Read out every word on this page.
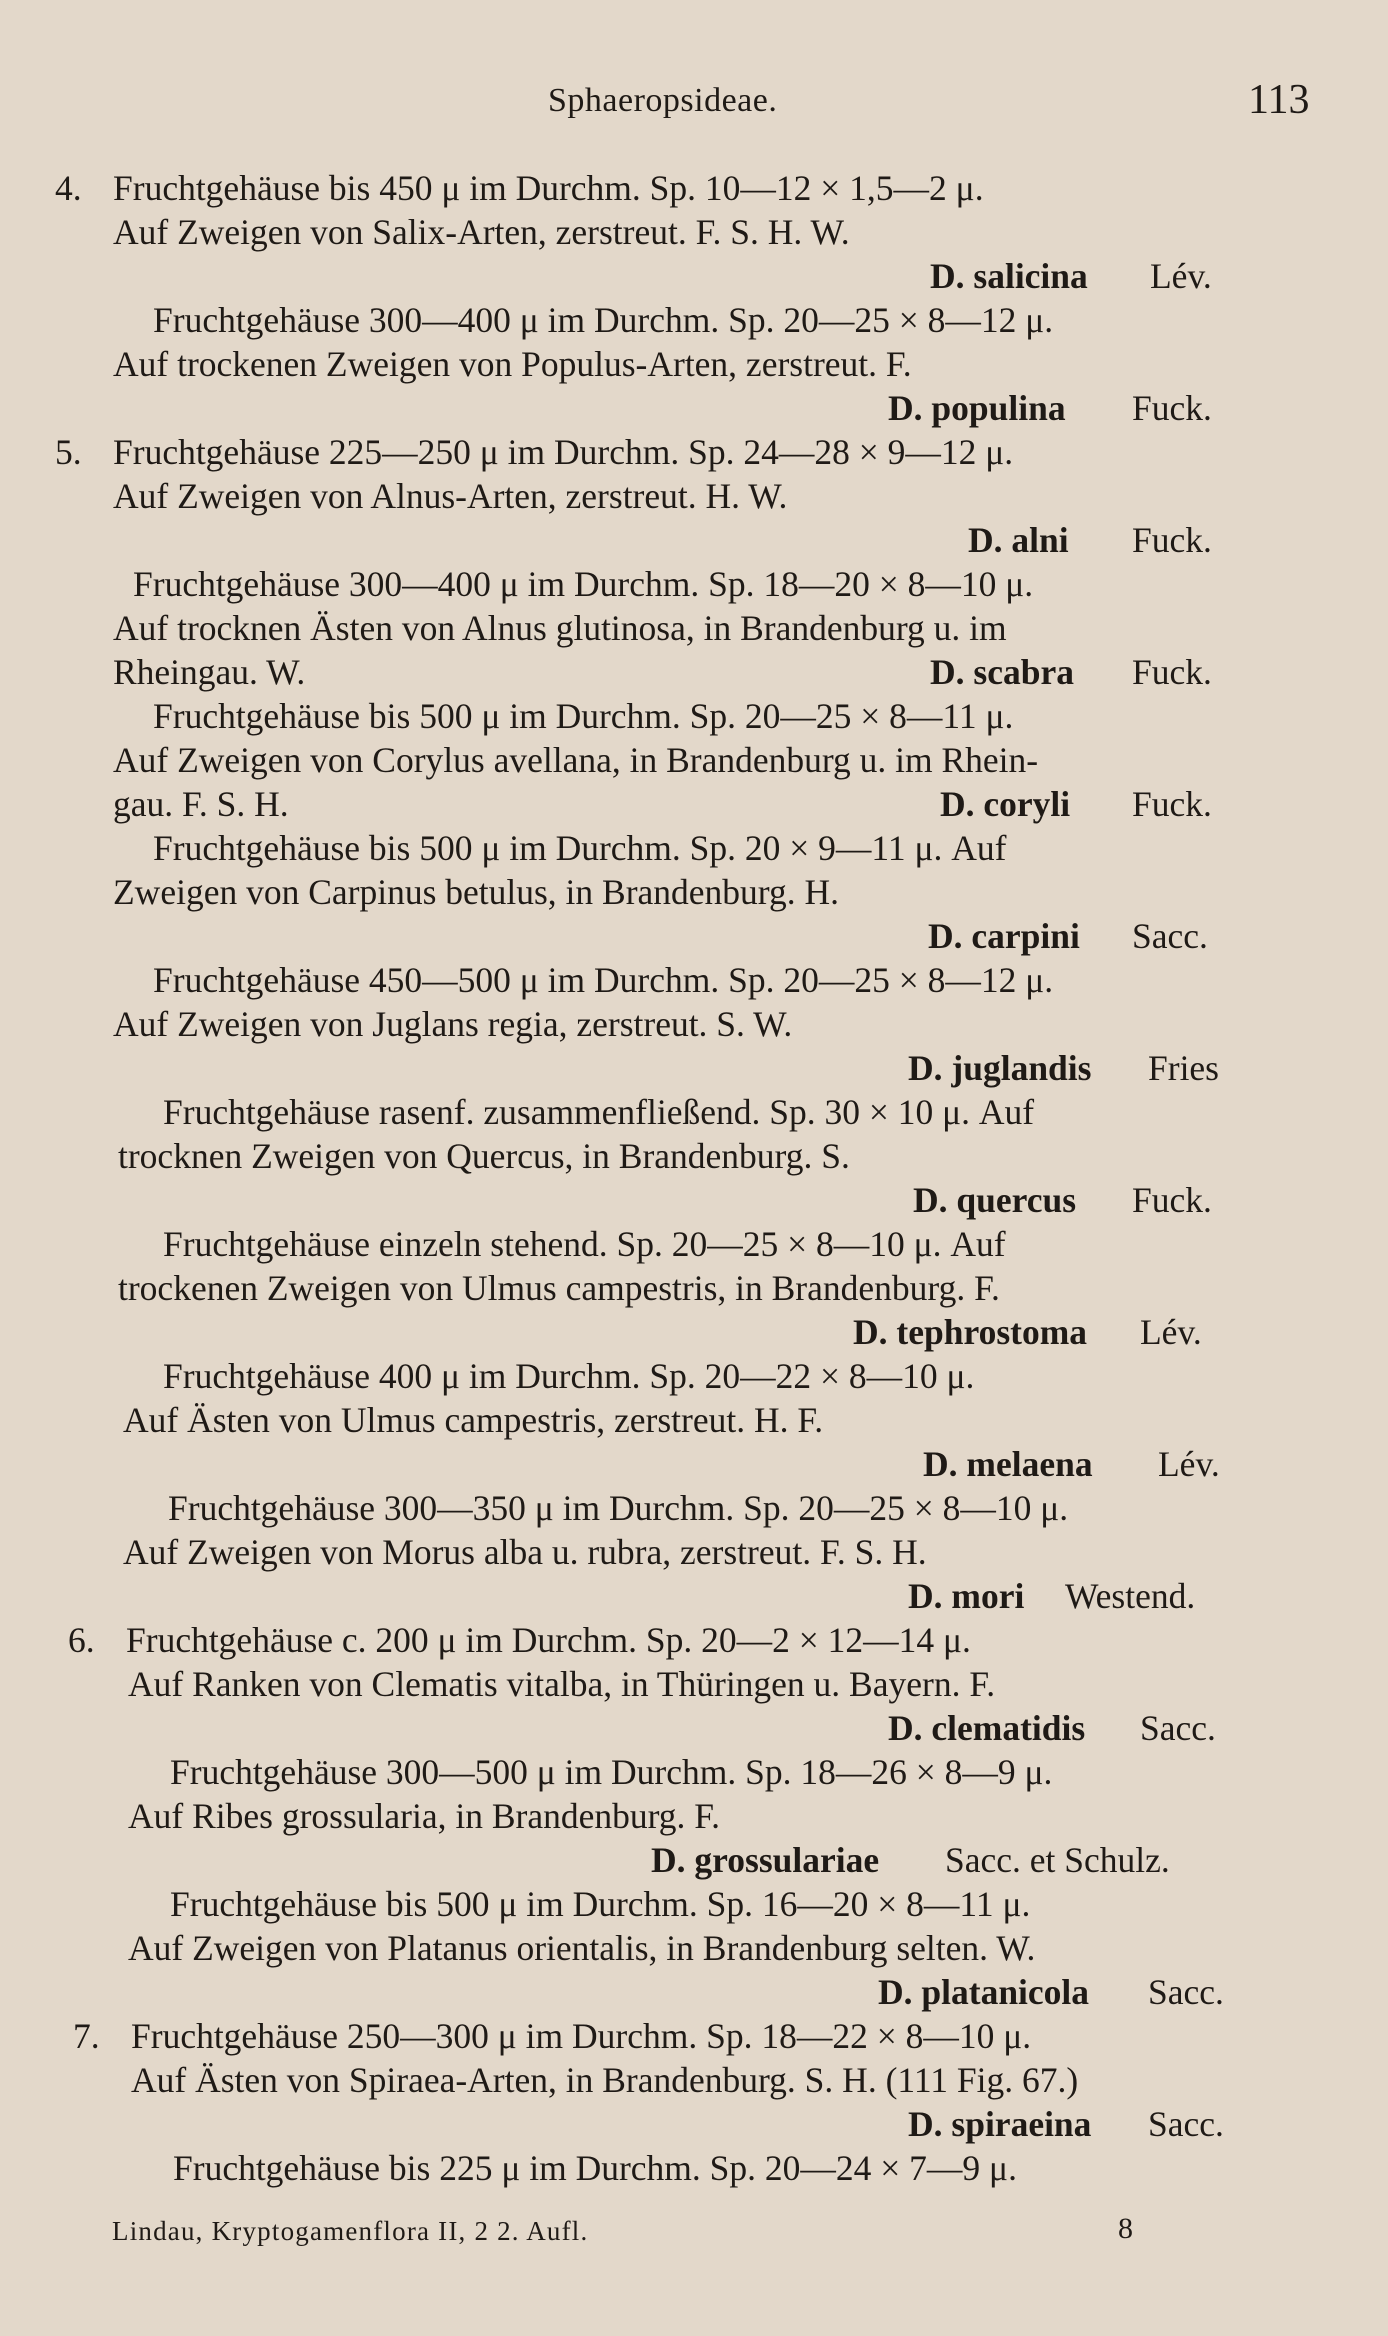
Sphaeropsideae.	113
4. Fruchtgehäuse bis 450 μ im Durchm. Sp. 10—12 × 1,5—2 μ.
Auf Zweigen von Salix-Arten, zerstreut. F. S. H. W.
D. salicina Lév.
Fruchtgehäuse 300—400 μ im Durchm. Sp. 20—25 × 8—12 μ.
Auf trockenen Zweigen von Populus-Arten, zerstreut. F.
D. populina Fuck.
5. Fruchtgehäuse 225—250 μ im Durchm. Sp. 24—28 × 9—12 μ.
Auf Zweigen von Alnus-Arten, zerstreut. H. W.
D. alni Fuck.
Fruchtgehäuse 300—400 μ im Durchm. Sp. 18—20 × 8—10 μ.
Auf trocknen Ästen von Alnus glutinosa, in Brandenburg u. im
Rheingau. W.	D. scabra Fuck.
Fruchtgehäuse bis 500 μ im Durchm. Sp. 20—25 × 8—11 μ.
Auf Zweigen von Corylus avellana, in Brandenburg u. im Rhein-
gau. F. S. H.	D. coryli Fuck.
Fruchtgehäuse bis 500 μ im Durchm. Sp. 20 × 9—11 μ. Auf
Zweigen von Carpinus betulus, in Brandenburg. H.
D. carpini Sacc.
Fruchtgehäuse 450—500 μ im Durchm. Sp. 20—25 × 8—12 μ.
Auf Zweigen von Juglans regia, zerstreut. S. W.
D. juglandis Fries
Fruchtgehäuse rasenf. zusammenfließend. Sp. 30 × 10 μ. Auf
trocknen Zweigen von Quercus, in Brandenburg. S.
D. quercus Fuck.
Fruchtgehäuse einzeln stehend. Sp. 20—25 × 8—10 μ. Auf
trockenen Zweigen von Ulmus campestris, in Brandenburg. F.
D. tephrostoma Lév.
Fruchtgehäuse 400 μ im Durchm. Sp. 20—22 × 8—10 μ.
Auf Ästen von Ulmus campestris, zerstreut. H. F.
D. melaena Lév.
Fruchtgehäuse 300—350 μ im Durchm. Sp. 20—25 × 8—10 μ.
Auf Zweigen von Morus alba u. rubra, zerstreut. F. S. H.
D. mori Westend.
6. Fruchtgehäuse c. 200 μ im Durchm. Sp. 20—2 × 12—14 μ.
Auf Ranken von Clematis vitalba, in Thüringen u. Bayern. F.
D. clematidis Sacc.
Fruchtgehäuse 300—500 μ im Durchm. Sp. 18—26 × 8—9 μ.
Auf Ribes grossularia, in Brandenburg. F.
D. grossulariae Sacc. et Schulz.
Fruchtgehäuse bis 500 μ im Durchm. Sp. 16—20 × 8—11 μ.
Auf Zweigen von Platanus orientalis, in Brandenburg selten. W.
D. platanicola Sacc.
7. Fruchtgehäuse 250—300 μ im Durchm. Sp. 18—22 × 8—10 μ.
Auf Ästen von Spiraea-Arten, in Brandenburg. S. H. (111 Fig. 67.)
D. spiraeina Sacc.
Fruchtgehäuse bis 225 μ im Durchm. Sp. 20—24 × 7—9 μ.
Lindau, Kryptogamenflora II, 2 2. Aufl.	8
